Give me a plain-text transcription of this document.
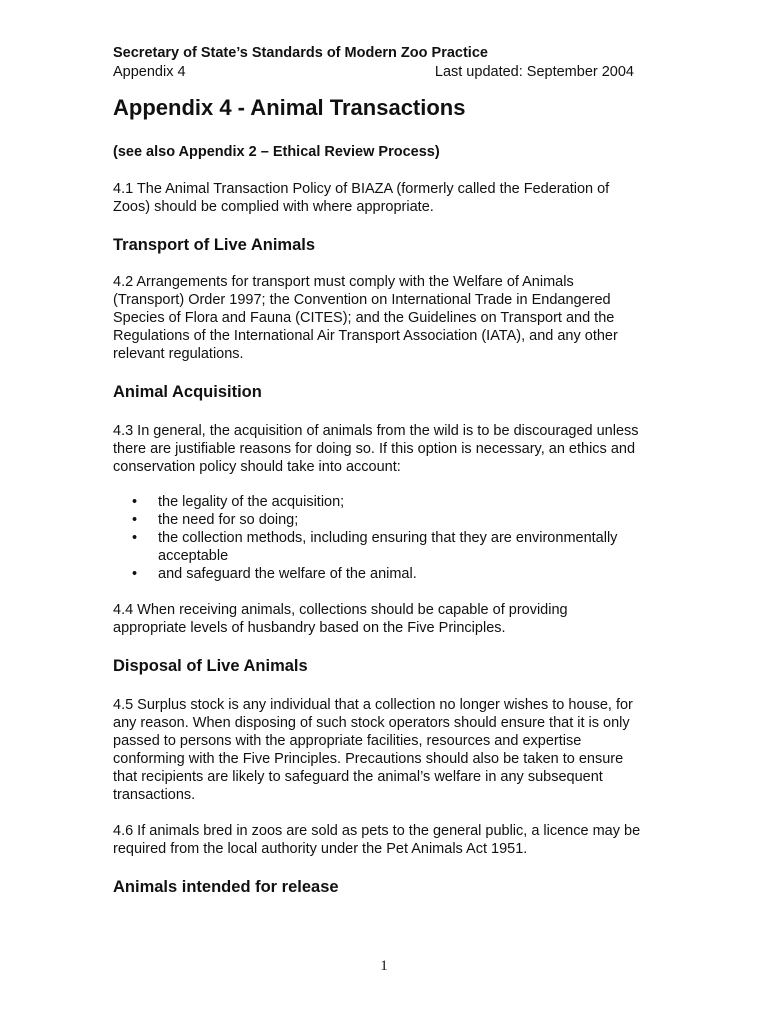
Secretary of State’s Standards of Modern Zoo Practice
Appendix 4	Last updated: September 2004
Appendix 4 - Animal Transactions
(see also Appendix 2 – Ethical Review Process)

4.1 The Animal Transaction Policy of BIAZA (formerly called the Federation of Zoos) should be complied with where appropriate.

Transport of Live Animals

4.2 Arrangements for transport must comply with the Welfare of Animals (Transport) Order 1997; the Convention on International Trade in Endangered Species of Flora and Fauna (CITES); and the Guidelines on Transport and the Regulations of the International Air Transport Association (IATA), and any other relevant regulations.

Animal Acquisition

4.3 In general, the acquisition of animals from the wild is to be discouraged unless there are justifiable reasons for doing so. If this option is necessary, an ethics and conservation policy should take into account:

• the legality of the acquisition;
• the need for so doing;
• the collection methods, including ensuring that they are environmentally acceptable
• and safeguard the welfare of the animal.

4.4 When receiving animals, collections should be capable of providing appropriate levels of husbandry based on the Five Principles.

Disposal of Live Animals

4.5 Surplus stock is any individual that a collection no longer wishes to house, for any reason. When disposing of such stock operators should ensure that it is only passed to persons with the appropriate facilities, resources and expertise conforming with the Five Principles. Precautions should also be taken to ensure that recipients are likely to safeguard the animal’s welfare in any subsequent transactions.

4.6 If animals bred in zoos are sold as pets to the general public, a licence may be required from the local authority under the Pet Animals Act 1951.

Animals intended for release
1
